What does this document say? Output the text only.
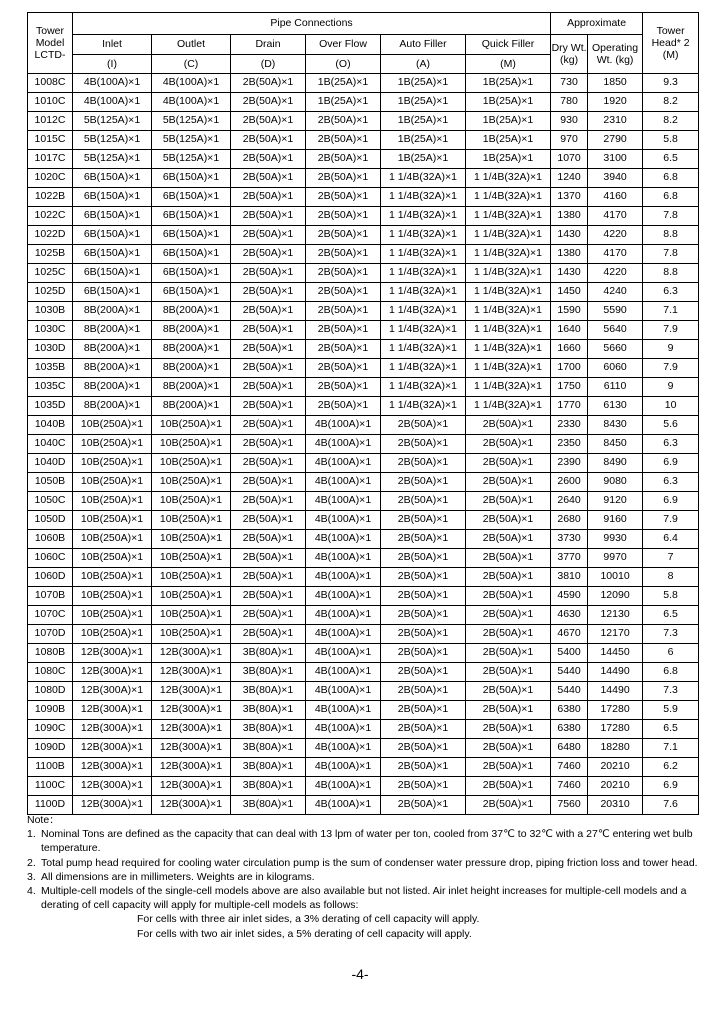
Tower Model LCTD-	Pipe Connections						Approximate		Tower Head* 2 (M)
	Inlet	Outlet	Drain	Over Flow	Auto Filler	Quick Filler	Dry Wt. (kg)	Operating Wt. (kg)	
	(I)	(C)	(D)	(O)	(A)	(M)			
1008C	4B(100A)×1	4B(100A)×1	2B(50A)×1	1B(25A)×1	1B(25A)×1	1B(25A)×1	730	1850	9.3
1010C	4B(100A)×1	4B(100A)×1	2B(50A)×1	1B(25A)×1	1B(25A)×1	1B(25A)×1	780	1920	8.2
1012C	5B(125A)×1	5B(125A)×1	2B(50A)×1	2B(50A)×1	1B(25A)×1	1B(25A)×1	930	2310	8.2
1015C	5B(125A)×1	5B(125A)×1	2B(50A)×1	2B(50A)×1	1B(25A)×1	1B(25A)×1	970	2790	5.8
1017C	5B(125A)×1	5B(125A)×1	2B(50A)×1	2B(50A)×1	1B(25A)×1	1B(25A)×1	1070	3100	6.5
1020C	6B(150A)×1	6B(150A)×1	2B(50A)×1	2B(50A)×1	1 1/4B(32A)×1	1 1/4B(32A)×1	1240	3940	6.8
1022B	6B(150A)×1	6B(150A)×1	2B(50A)×1	2B(50A)×1	1 1/4B(32A)×1	1 1/4B(32A)×1	1370	4160	6.8
1022C	6B(150A)×1	6B(150A)×1	2B(50A)×1	2B(50A)×1	1 1/4B(32A)×1	1 1/4B(32A)×1	1380	4170	7.8
1022D	6B(150A)×1	6B(150A)×1	2B(50A)×1	2B(50A)×1	1 1/4B(32A)×1	1 1/4B(32A)×1	1430	4220	8.8
1025B	6B(150A)×1	6B(150A)×1	2B(50A)×1	2B(50A)×1	1 1/4B(32A)×1	1 1/4B(32A)×1	1380	4170	7.8
1025C	6B(150A)×1	6B(150A)×1	2B(50A)×1	2B(50A)×1	1 1/4B(32A)×1	1 1/4B(32A)×1	1430	4220	8.8
1025D	6B(150A)×1	6B(150A)×1	2B(50A)×1	2B(50A)×1	1 1/4B(32A)×1	1 1/4B(32A)×1	1450	4240	6.3
1030B	8B(200A)×1	8B(200A)×1	2B(50A)×1	2B(50A)×1	1 1/4B(32A)×1	1 1/4B(32A)×1	1590	5590	7.1
1030C	8B(200A)×1	8B(200A)×1	2B(50A)×1	2B(50A)×1	1 1/4B(32A)×1	1 1/4B(32A)×1	1640	5640	7.9
1030D	8B(200A)×1	8B(200A)×1	2B(50A)×1	2B(50A)×1	1 1/4B(32A)×1	1 1/4B(32A)×1	1660	5660	9
1035B	8B(200A)×1	8B(200A)×1	2B(50A)×1	2B(50A)×1	1 1/4B(32A)×1	1 1/4B(32A)×1	1700	6060	7.9
1035C	8B(200A)×1	8B(200A)×1	2B(50A)×1	2B(50A)×1	1 1/4B(32A)×1	1 1/4B(32A)×1	1750	6110	9
1035D	8B(200A)×1	8B(200A)×1	2B(50A)×1	2B(50A)×1	1 1/4B(32A)×1	1 1/4B(32A)×1	1770	6130	10
1040B	10B(250A)×1	10B(250A)×1	2B(50A)×1	4B(100A)×1	2B(50A)×1	2B(50A)×1	2330	8430	5.6
1040C	10B(250A)×1	10B(250A)×1	2B(50A)×1	4B(100A)×1	2B(50A)×1	2B(50A)×1	2350	8450	6.3
1040D	10B(250A)×1	10B(250A)×1	2B(50A)×1	4B(100A)×1	2B(50A)×1	2B(50A)×1	2390	8490	6.9
1050B	10B(250A)×1	10B(250A)×1	2B(50A)×1	4B(100A)×1	2B(50A)×1	2B(50A)×1	2600	9080	6.3
1050C	10B(250A)×1	10B(250A)×1	2B(50A)×1	4B(100A)×1	2B(50A)×1	2B(50A)×1	2640	9120	6.9
1050D	10B(250A)×1	10B(250A)×1	2B(50A)×1	4B(100A)×1	2B(50A)×1	2B(50A)×1	2680	9160	7.9
1060B	10B(250A)×1	10B(250A)×1	2B(50A)×1	4B(100A)×1	2B(50A)×1	2B(50A)×1	3730	9930	6.4
1060C	10B(250A)×1	10B(250A)×1	2B(50A)×1	4B(100A)×1	2B(50A)×1	2B(50A)×1	3770	9970	7
1060D	10B(250A)×1	10B(250A)×1	2B(50A)×1	4B(100A)×1	2B(50A)×1	2B(50A)×1	3810	10010	8
1070B	10B(250A)×1	10B(250A)×1	2B(50A)×1	4B(100A)×1	2B(50A)×1	2B(50A)×1	4590	12090	5.8
1070C	10B(250A)×1	10B(250A)×1	2B(50A)×1	4B(100A)×1	2B(50A)×1	2B(50A)×1	4630	12130	6.5
1070D	10B(250A)×1	10B(250A)×1	2B(50A)×1	4B(100A)×1	2B(50A)×1	2B(50A)×1	4670	12170	7.3
1080B	12B(300A)×1	12B(300A)×1	3B(80A)×1	4B(100A)×1	2B(50A)×1	2B(50A)×1	5400	14450	6
1080C	12B(300A)×1	12B(300A)×1	3B(80A)×1	4B(100A)×1	2B(50A)×1	2B(50A)×1	5440	14490	6.8
1080D	12B(300A)×1	12B(300A)×1	3B(80A)×1	4B(100A)×1	2B(50A)×1	2B(50A)×1	5440	14490	7.3
1090B	12B(300A)×1	12B(300A)×1	3B(80A)×1	4B(100A)×1	2B(50A)×1	2B(50A)×1	6380	17280	5.9
1090C	12B(300A)×1	12B(300A)×1	3B(80A)×1	4B(100A)×1	2B(50A)×1	2B(50A)×1	6380	17280	6.5
1090D	12B(300A)×1	12B(300A)×1	3B(80A)×1	4B(100A)×1	2B(50A)×1	2B(50A)×1	6480	18280	7.1
1100B	12B(300A)×1	12B(300A)×1	3B(80A)×1	4B(100A)×1	2B(50A)×1	2B(50A)×1	7460	20210	6.2
1100C	12B(300A)×1	12B(300A)×1	3B(80A)×1	4B(100A)×1	2B(50A)×1	2B(50A)×1	7460	20210	6.9
1100D	12B(300A)×1	12B(300A)×1	3B(80A)×1	4B(100A)×1	2B(50A)×1	2B(50A)×1	7560	20310	7.6

Note：

1. Nominal Tons are defined as the capacity that can deal with 13 lpm of water per ton, cooled from 37℃ to 32℃ with a 27℃ entering wet bulb temperature.

2. Total pump head required for cooling water circulation pump is the sum of condenser water pressure drop, piping friction loss and tower head.

3. All dimensions are in millimeters. Weights are in kilograms.

4. Multiple-cell models of the single-cell models above are also available but not listed. Air inlet height increases for multiple-cell models and a derating of cell capacity will apply for multiple-cell models as follows:

For cells with three air inlet sides, a 3% derating of cell capacity will apply.

For cells with two air inlet sides, a 5% derating of cell capacity will apply.

-4-
